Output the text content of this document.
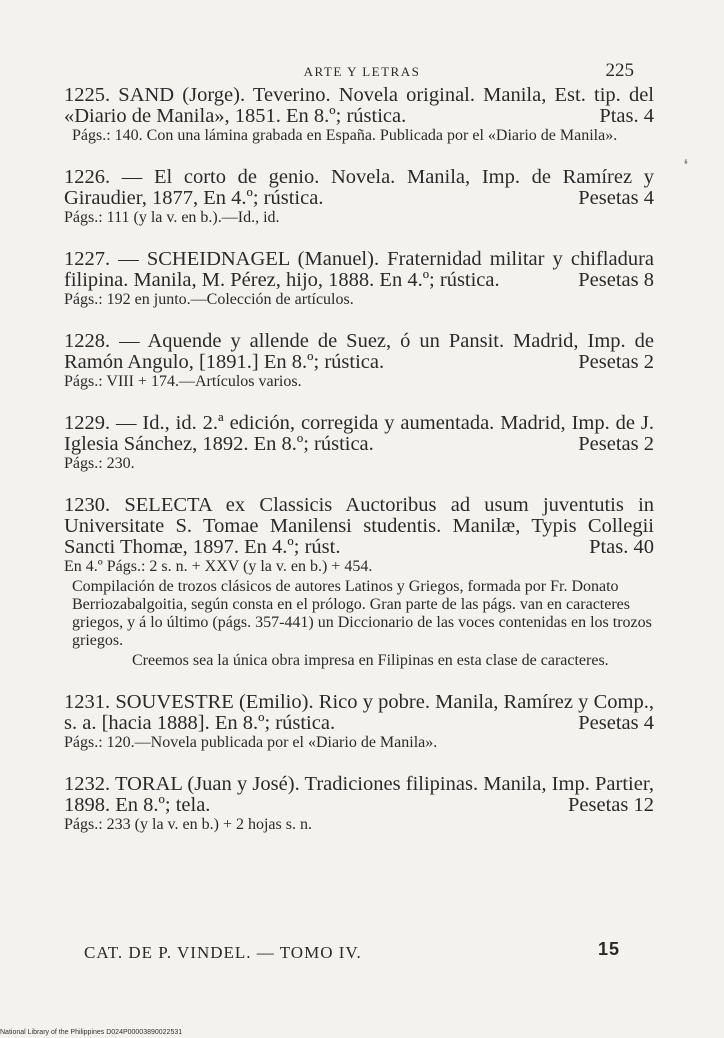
ARTE Y LETRAS	225
❛

1225. SAND (Jorge). Teverino. Novela original. Manila, Est. tip. del «Diario de Manila», 1851. En 8.º; rústica.	Ptas. 4

Págs.: 140. Con una lámina grabada en España. Publicada por el «Diario de Manila».

1226. — El corto de genio. Novela. Manila, Imp. de Ramírez y Giraudier, 1877, En 4.º; rústica.	Pesetas 4

Págs.: 111 (y la v. en b.).—Id., id.

1227. — SCHEIDNAGEL (Manuel). Fraternidad militar y chifladura filipina. Manila, M. Pérez, hijo, 1888. En 4.º; rústica.	Pesetas 8

Págs.: 192 en junto.—Colección de artículos.

1228. — Aquende y allende de Suez, ó un Pansit. Madrid, Imp. de Ramón Angulo, [1891.] En 8.º; rústica.	Pesetas 2

Págs.: VIII + 174.—Artículos varios.

1229. — Id., id. 2.ª edición, corregida y aumentada. Madrid, Imp. de J. Iglesia Sánchez, 1892. En 8.º; rústica.	Pesetas 2

Págs.: 230.

1230. SELECTA ex Classicis Auctoribus ad usum juventutis in Universitate S. Tomae Manilensi studentis. Manilæ, Typis Collegii Sancti Thomæ, 1897. En 4.º; rúst.	Ptas. 40

En 4.º Págs.: 2 s. n. + XXV (y la v. en b.) + 454.

Compilación de trozos clásicos de autores Latinos y Griegos, formada por Fr. Donato Berriozabalgoitia, según consta en el prólogo. Gran parte de las págs. van en caracteres griegos, y á lo último (págs. 357-441) un Diccionario de las voces contenidas en los trozos griegos.

Creemos sea la única obra impresa en Filipinas en esta clase de caracteres.

1231. SOUVESTRE (Emilio). Rico y pobre. Manila, Ramírez y Comp., s. a. [hacia 1888]. En 8.º; rústica.	Pesetas 4

Págs.: 120.—Novela publicada por el «Diario de Manila».

1232. TORAL (Juan y José). Tradiciones filipinas. Manila, Imp. Partier, 1898. En 8.º; tela.	Pesetas 12

Págs.: 233 (y la v. en b.) + 2 hojas s. n.

CAT. DE P. VINDEL. — TOMO IV.	15
National Library of the Philippines D024P00003890022531
